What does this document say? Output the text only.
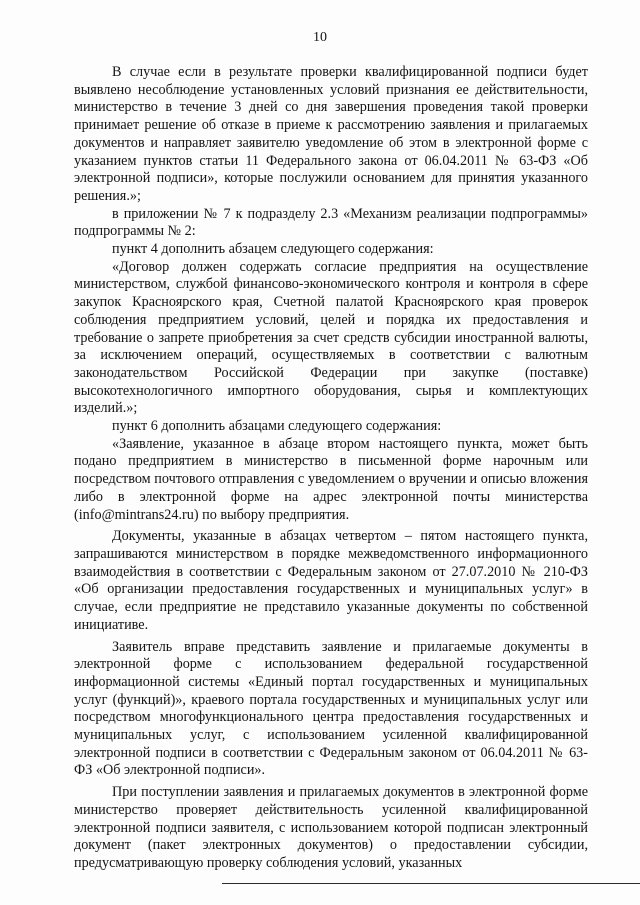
10

В случае если в результате проверки квалифицированной подписи будет выявлено несоблюдение установленных условий признания ее действительности, министерство в течение 3 дней со дня завершения проведения такой проверки принимает решение об отказе в приеме к рассмотрению заявления и прилагаемых документов и направляет заявителю уведомление об этом в электронной форме с указанием пунктов статьи 11 Федерального закона от 06.04.2011 № 63-ФЗ «Об электронной подписи», которые послужили основанием для принятия указанного решения.»;

в приложении № 7 к подразделу 2.3 «Механизм реализации подпрограммы» подпрограммы № 2:

пункт 4 дополнить абзацем следующего содержания:

«Договор должен содержать согласие предприятия на осуществление министерством, службой финансово-экономического контроля и контроля в сфере закупок Красноярского края, Счетной палатой Красноярского края проверок соблюдения предприятием условий, целей и порядка их предоставления и требование о запрете приобретения за счет средств субсидии иностранной валюты, за исключением операций, осуществляемых в соответствии с валютным законодательством Российской Федерации при закупке (поставке) высокотехнологичного импортного оборудования, сырья и комплектующих изделий.»;

пункт 6 дополнить абзацами следующего содержания:

«Заявление, указанное в абзаце втором настоящего пункта, может быть подано предприятием в министерство в письменной форме нарочным или посредством почтового отправления с уведомлением о вручении и описью вложения либо в электронной форме на адрес электронной почты министерства (info@mintrans24.ru) по выбору предприятия.

Документы, указанные в абзацах четвертом – пятом настоящего пункта, запрашиваются министерством в порядке межведомственного информационного взаимодействия в соответствии с Федеральным законом от 27.07.2010 № 210-ФЗ «Об организации предоставления государственных и муниципальных услуг» в случае, если предприятие не представило указанные документы по собственной инициативе.

Заявитель вправе представить заявление и прилагаемые документы в электронной форме с использованием федеральной государственной информационной системы «Единый портал государственных и муниципальных услуг (функций)», краевого портала государственных и муниципальных услуг или посредством многофункционального центра предоставления государственных и муниципальных услуг, с использованием усиленной квалифицированной электронной подписи в соответствии с Федеральным законом от 06.04.2011 № 63-ФЗ «Об электронной подписи».

При поступлении заявления и прилагаемых документов в электронной форме министерство проверяет действительность усиленной квалифицированной электронной подписи заявителя, с использованием которой подписан электронный документ (пакет электронных документов) о предоставлении субсидии, предусматривающую проверку соблюдения условий, указанных
